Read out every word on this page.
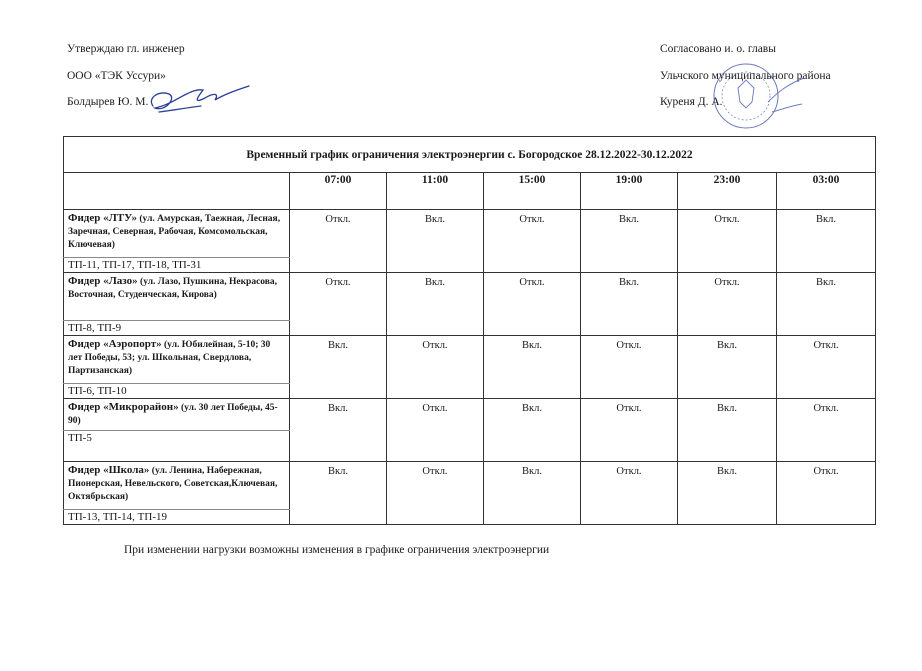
Утверждаю гл. инженер
ООО «ТЭК Уссури»
Болдырев Ю. М.
Согласовано и. о. главы
Ульчского муниципального района
Куреня Д. А.
Временный график ограничения электроэнергии с. Богородское 28.12.2022-30.12.2022						
	07:00	11:00	15:00	19:00	23:00	03:00
Фидер «ЛТУ» (ул. Амурская, Таежная, Лесная, Заречная, Северная, Рабочая, Комсомольская, Ключевая)	Откл.	Вкл.	Откл.	Вкл.	Откл.	Вкл.
ТП-11, ТП-17, ТП-18, ТП-31						
Фидер «Лазо» (ул. Лазо, Пушкина, Некрасова, Восточная, Студенческая, Кирова)	Откл.	Вкл.	Откл.	Вкл.	Откл.	Вкл.
ТП-8, ТП-9						
Фидер «Аэропорт» (ул. Юбилейная, 5-10; 30 лет Победы, 53; ул. Школьная, Свердлова, Партизанская)	Вкл.	Откл.	Вкл.	Откл.	Вкл.	Откл.
ТП-6, ТП-10						
Фидер «Микрорайон» (ул. 30 лет Победы, 45-90)	Вкл.	Откл.	Вкл.	Откл.	Вкл.	Откл.
ТП-5						
Фидер «Школа» (ул. Ленина, Набережная, Пионерская, Невельского, Советская,Ключевая, Октябрьская)	Вкл.	Откл.	Вкл.	Откл.	Вкл.	Откл.
ТП-13, ТП-14, ТП-19						
При изменении нагрузки возможны изменения в графике ограничения электроэнергии
